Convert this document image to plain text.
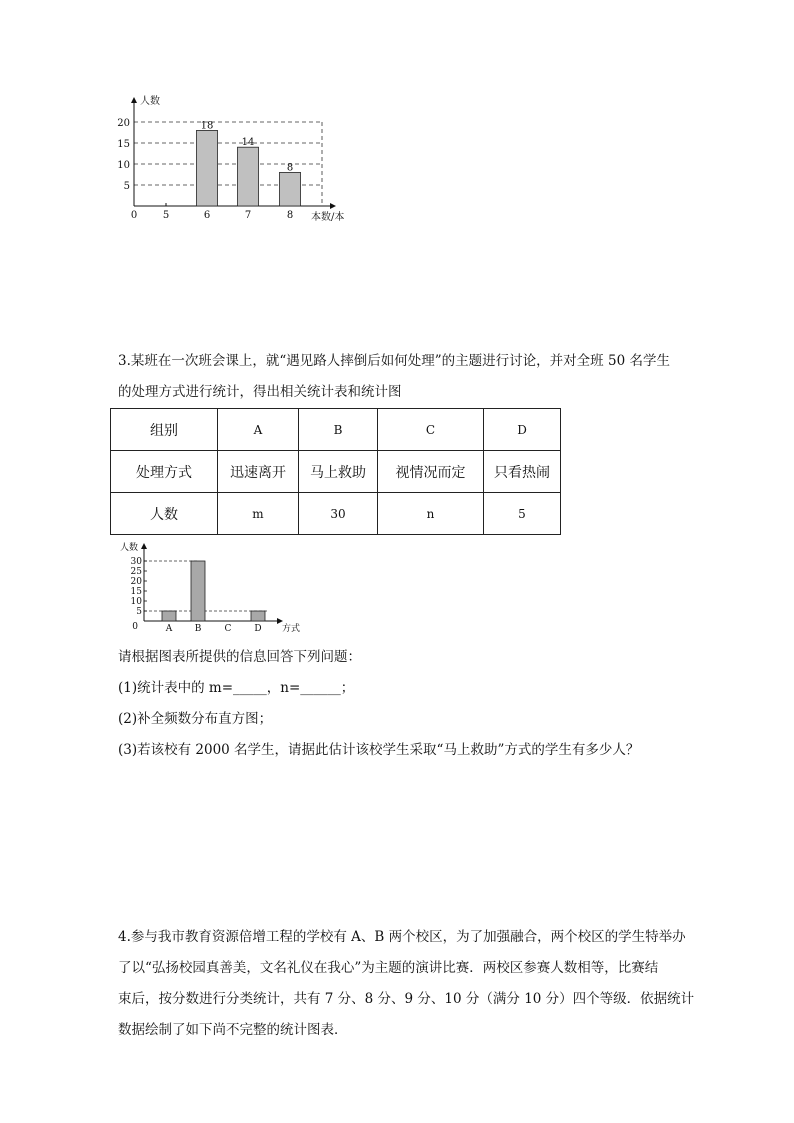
5
10
15
20
人数
本数/本
0	5	6	7	8
18
14
8
3.某班在一次班会课上，就“遇见路人摔倒后如何处理”的主题进行讨论，并对全班 50 名学生
的处理方式进行统计，得出相关统计表和统计图
组别	A	B	C	D
处理方式	迅速离开	马上救助	视情况而定	只看热闹
人数	m	30	n	5
人数
方式
5
10
15
20
25
30
0	A B	C	D
请根据图表所提供的信息回答下列问题：
(1)统计表中的 m=_____，n=______；
(2)补全频数分布直方图；
(3)若该校有 2000 名学生，请据此估计该校学生采取“马上救助”方式的学生有多少人？
4.参与我市教育资源倍增工程的学校有 A、B 两个校区，为了加强融合，两个校区的学生特举办
了以“弘扬校园真善美，文名礼仪在我心”为主题的演讲比赛．两校区参赛人数相等，比赛结
束后，按分数进行分类统计，共有 7 分、8 分、9 分、10 分（满分 10 分）四个等级．依据统计
数据绘制了如下尚不完整的统计图表．
